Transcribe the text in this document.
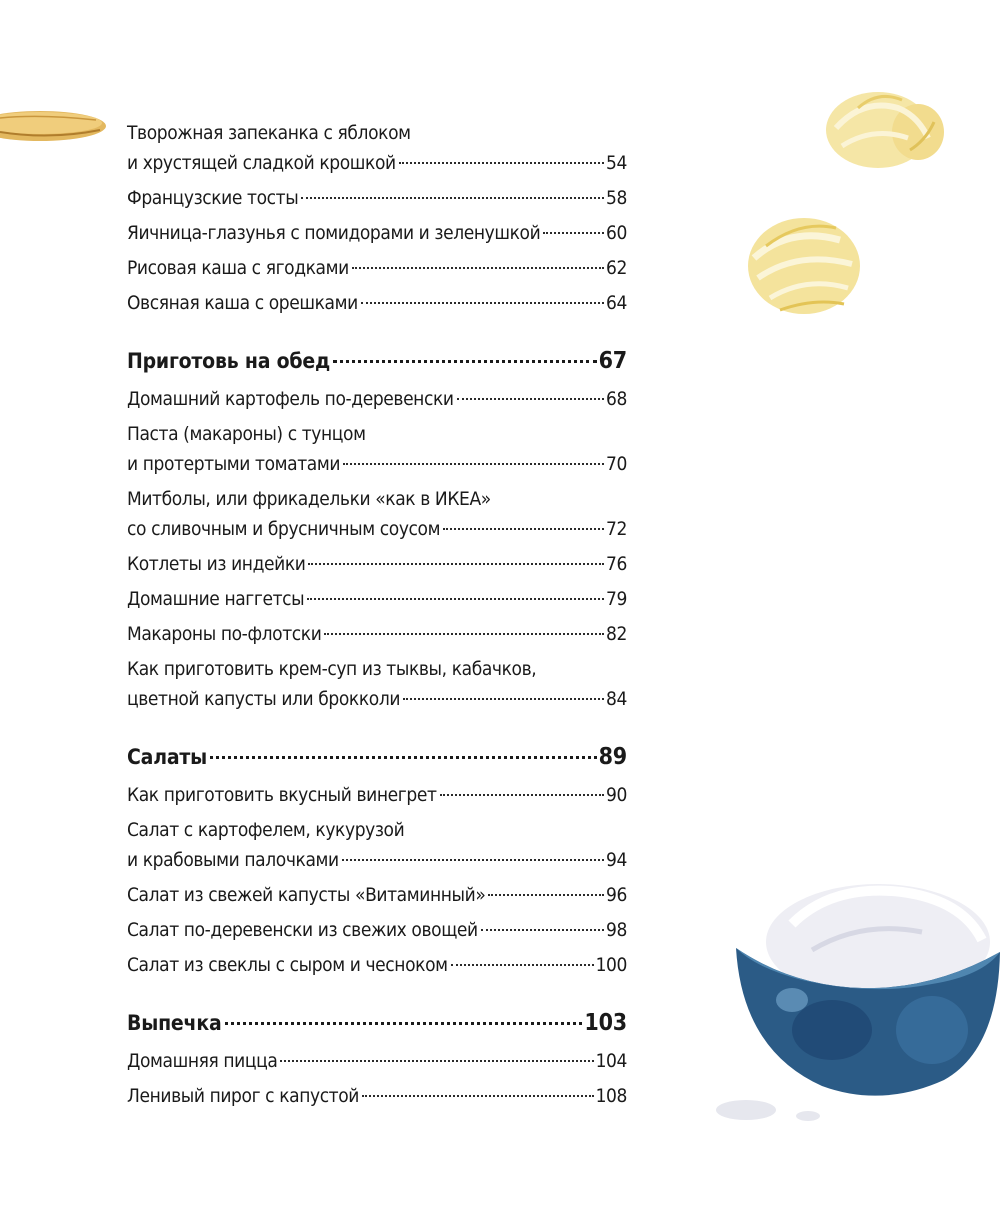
Творожная запеканка с яблоком
и хрустящей сладкой крошкой	54
Французские тосты	58
Яичница-глазунья с помидорами и зеленушкой	60
Рисовая каша с ягодками	62
Овсяная каша с орешками	64
Приготовь на обед	67
Домашний картофель по-деревенски	68
Паста (макароны) с тунцом
и протертыми томатами	70
Митболы, или фрикадельки «как в ИКЕА»
со сливочным и брусничным соусом	72
Котлеты из индейки	76
Домашние наггетсы	79
Макароны по-флотски	82
Как приготовить крем-суп из тыквы, кабачков,
цветной капусты или брокколи	84
Салаты	89
Как приготовить вкусный винегрет	90
Салат с картофелем, кукурузой
и крабовыми палочками	94
Салат из свежей капусты «Витаминный»	96
Салат по-деревенски из свежих овощей	98
Салат из свеклы с сыром и чесноком	100
Выпечка	103
Домашняя пицца	104
Ленивый пирог с капустой	108
